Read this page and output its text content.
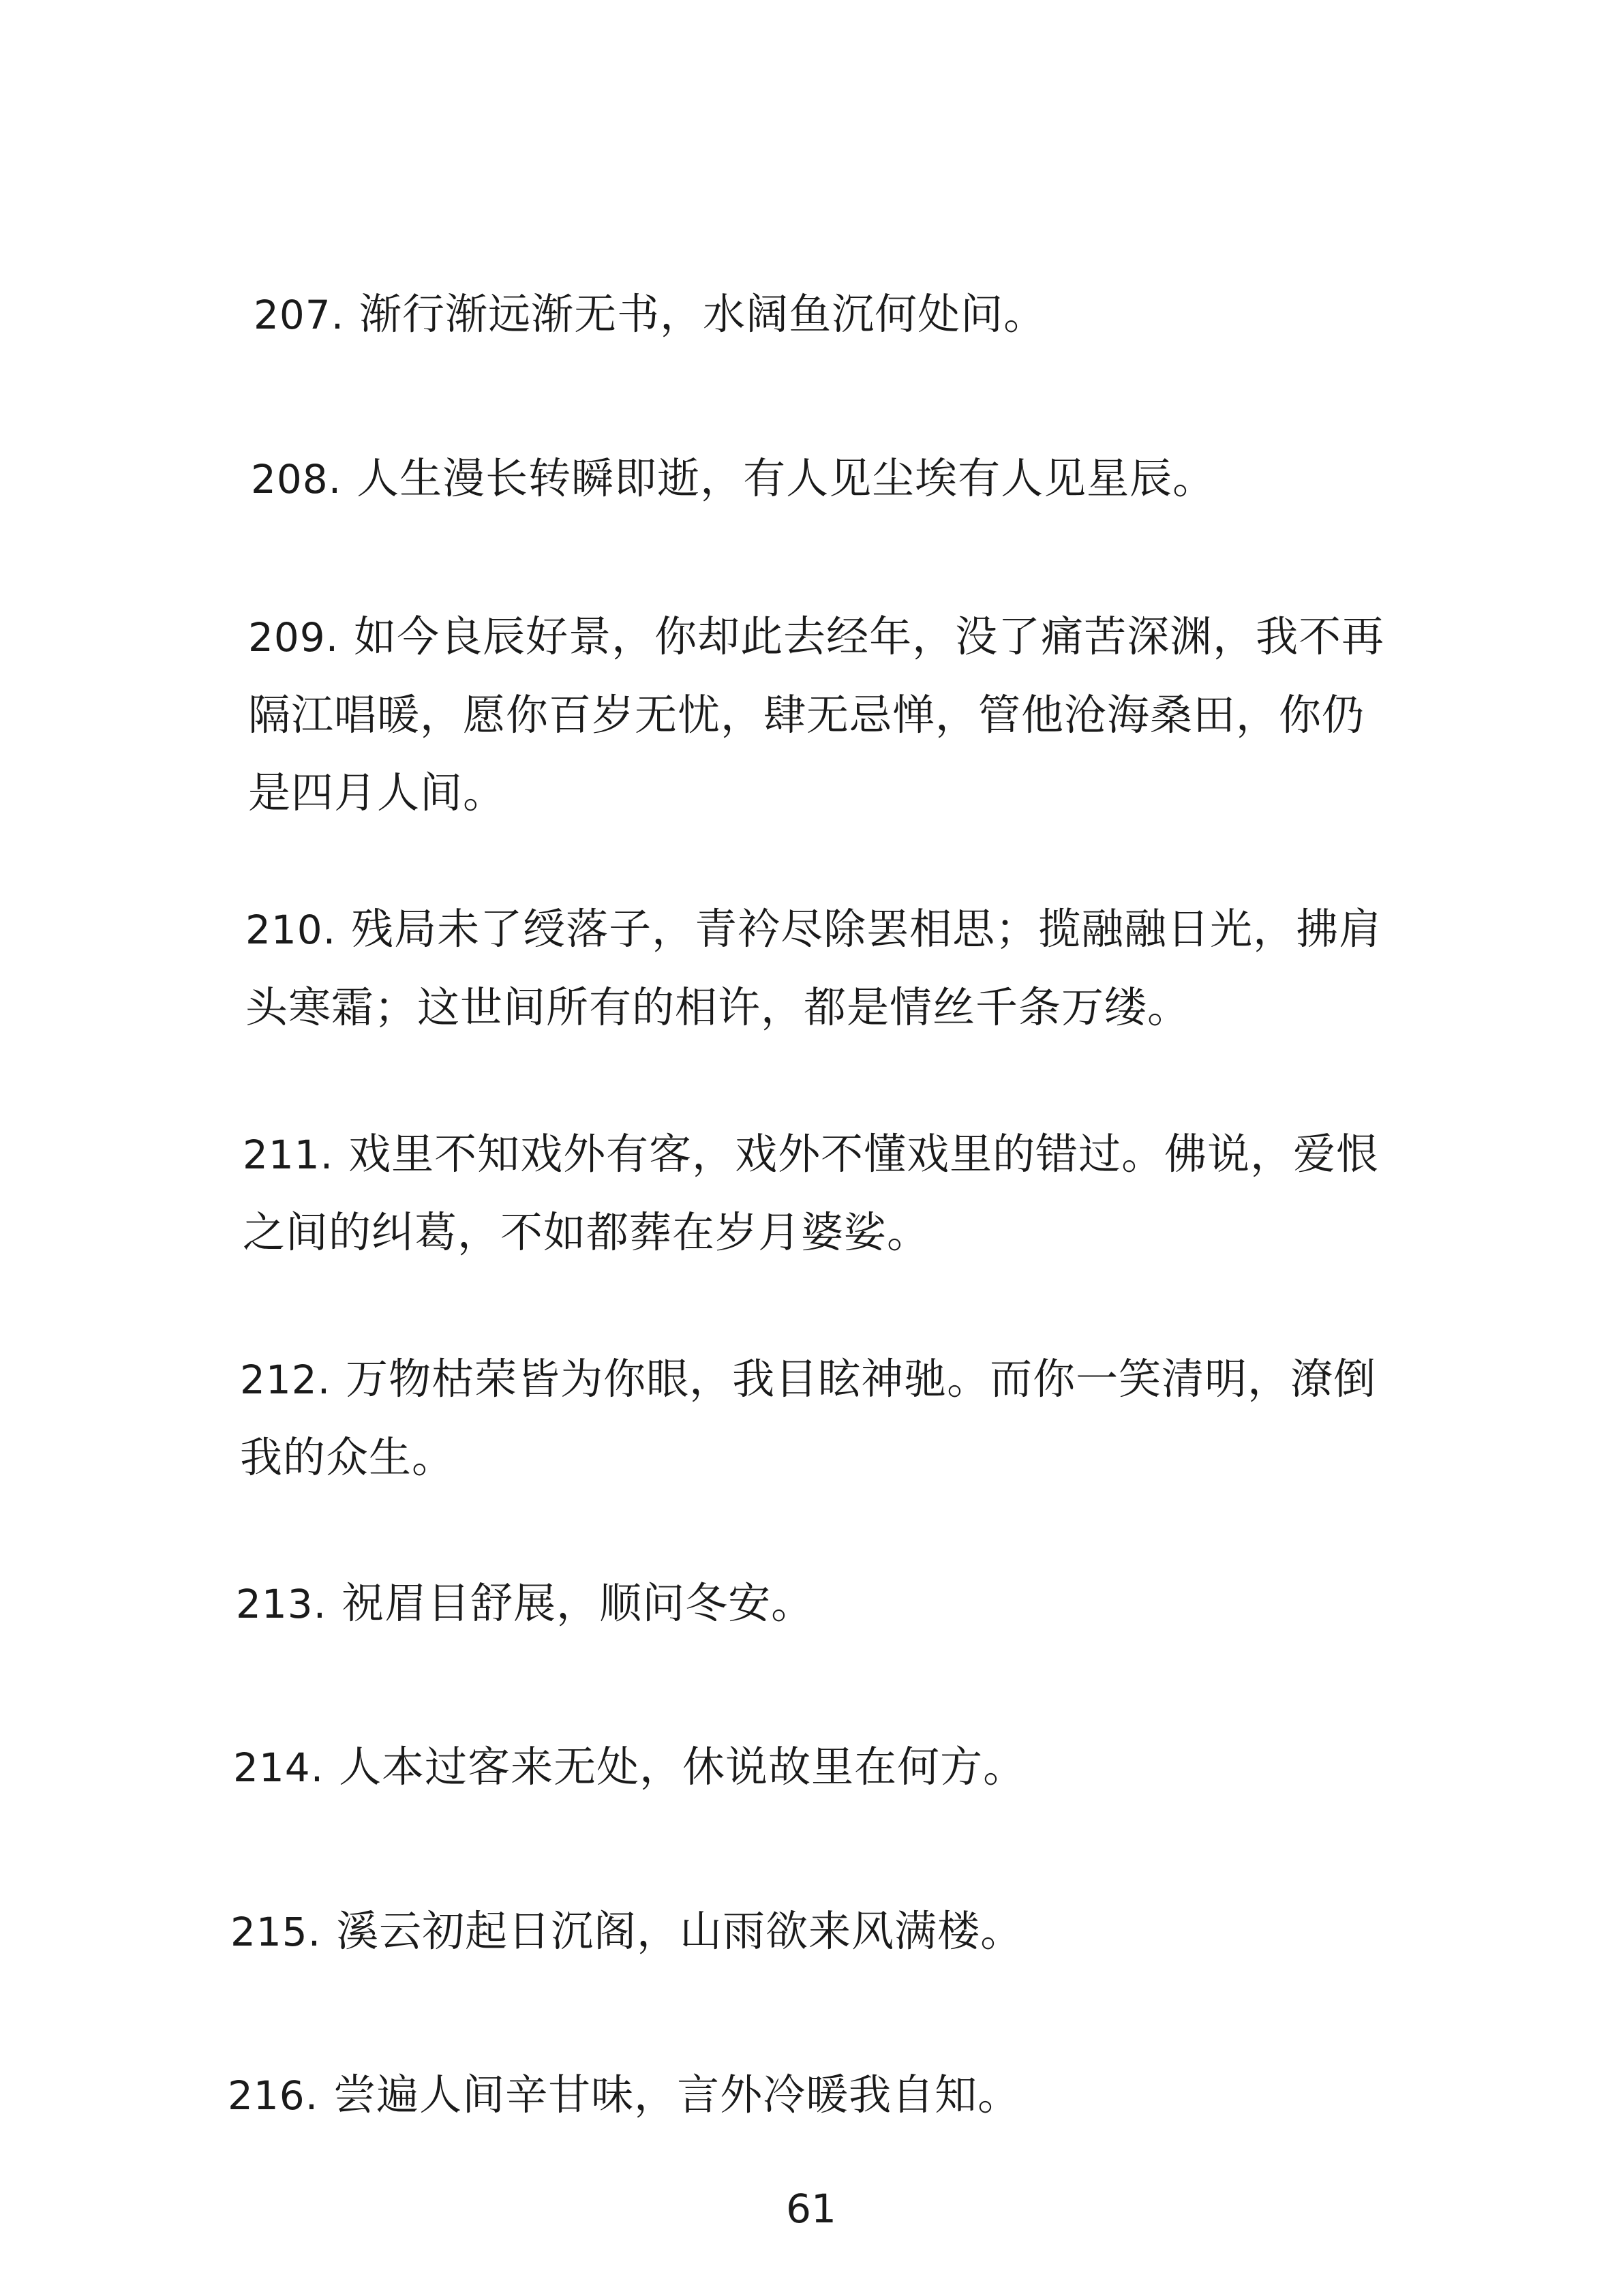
207. 渐行渐远渐无书，水阔鱼沉何处问。
208. 人生漫长转瞬即逝，有人见尘埃有人见星辰。
209. 如今良辰好景，你却此去经年，没了痛苦深渊，我不再隔江唱暖，愿你百岁无忧，肆无忌惮，管他沧海桑田，你仍是四月人间。
210. 残局未了绶落子，青衿尽除罢相思；揽融融日光，拂肩头寒霜；这世间所有的相许，都是情丝千条万缕。
211. 戏里不知戏外有客，戏外不懂戏里的错过。佛说，爱恨之间的纠葛，不如都葬在岁月婆娑。
212. 万物枯荣皆为你眼，我目眩神驰。而你一笑清明，潦倒我的众生。
213. 祝眉目舒展，顺问冬安。
214. 人本过客来无处，休说故里在何方。
215. 溪云初起日沉阁，山雨欲来风满楼。
216. 尝遍人间辛甘味，言外冷暖我自知。
61
